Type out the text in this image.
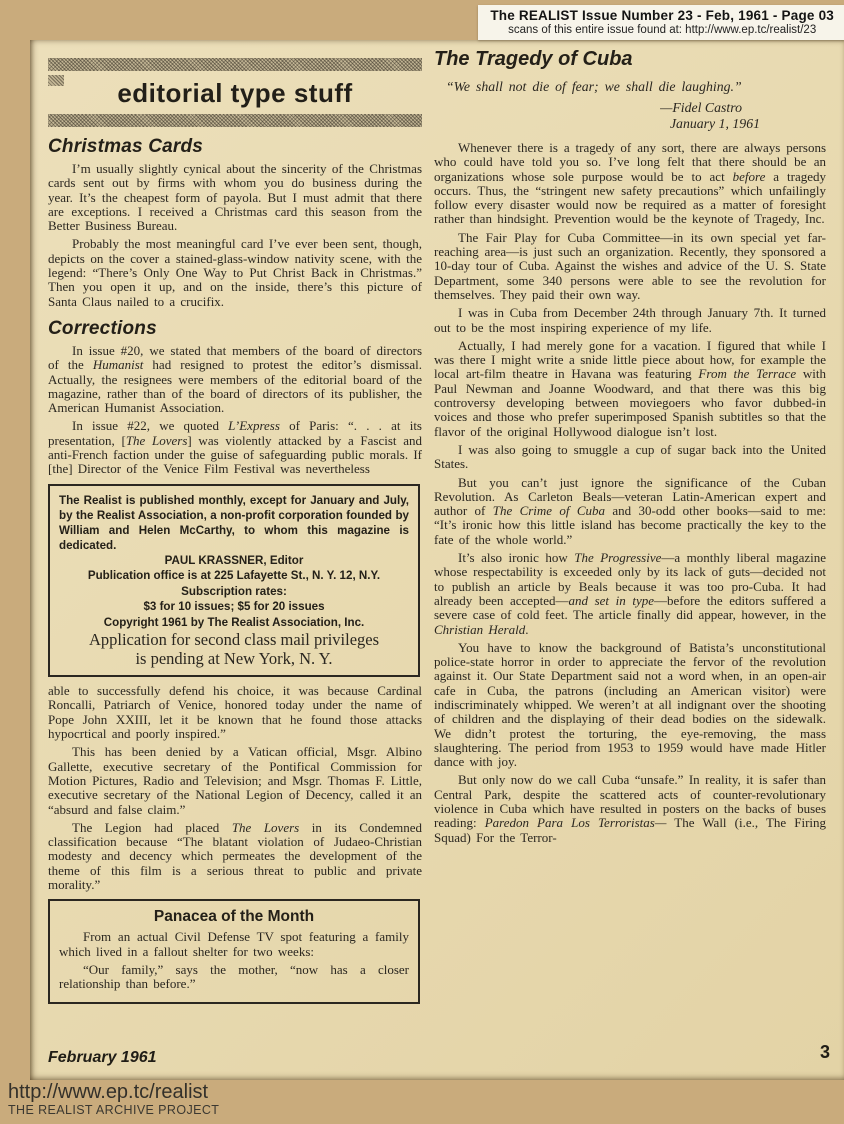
The REALIST Issue Number 23 - Feb, 1961 - Page 03
scans of this entire issue found at: http://www.ep.tc/realist/23
editorial type stuff
Christmas Cards

I’m usually slightly cynical about the sincerity of the Christmas cards sent out by firms with whom you do business during the year. It’s the cheapest form of payola. But I must admit that there are exceptions. I received a Christmas card this season from the Better Business Bureau.

Probably the most meaningful card I’ve ever been sent, though, depicts on the cover a stained-glass-window nativity scene, with the legend: “There’s Only One Way to Put Christ Back in Christmas.” Then you open it up, and on the inside, there’s this picture of Santa Claus nailed to a crucifix.

Corrections

In issue #20, we stated that members of the board of directors of the Humanist had resigned to protest the editor’s dismissal. Actually, the resignees were members of the editorial board of the magazine, rather than of the board of directors of its publisher, the American Humanist Association.

In issue #22, we quoted L’Express of Paris: “. . . at its presentation, [The Lovers] was violently attacked by a Fascist and anti-French faction under the guise of safeguarding public morals. If [the] Director of the Venice Film Festival was nevertheless

The Realist is published monthly, except for January and July, by the Realist Association, a non-profit corporation founded by William and Helen McCarthy, to whom this magazine is dedicated.

PAUL KRASSNER, Editor

Publication office is at 225 Lafayette St., N. Y. 12, N.Y.

Subscription rates:

$3 for 10 issues; $5 for 20 issues

Copyright 1961 by The Realist Association, Inc.

Application for second class mail privileges

is pending at New York, N. Y.

able to successfully defend his choice, it was because Cardinal Roncalli, Patriarch of Venice, honored today under the name of Pope John XXIII, let it be known that he found those attacks hypocrtical and poorly inspired.”

This has been denied by a Vatican official, Msgr. Albino Gallette, executive secretary of the Pontifical Commission for Motion Pictures, Radio and Television; and Msgr. Thomas F. Little, executive secretary of the National Legion of Decency, called it an “absurd and false claim.”

The Legion had placed The Lovers in its Condemned classification because “The blatant violation of Judaeo-Christian modesty and decency which permeates the development of the theme of this film is a serious threat to public and private morality.”

Panacea of the Month

From an actual Civil Defense TV spot featuring a family which lived in a fallout shelter for two weeks:

“Our family,” says the mother, “now has a closer relationship than before.”

The Tragedy of Cuba

“We shall not die of fear; we shall die laughing.”

—Fidel Castro

January 1, 1961

Whenever there is a tragedy of any sort, there are always persons who could have told you so. I’ve long felt that there should be an organizations whose sole purpose would be to act before a tragedy occurs. Thus, the “stringent new safety precautions” which unfailingly follow every disaster would now be required as a matter of foresight rather than hindsight. Prevention would be the keynote of Tragedy, Inc.

The Fair Play for Cuba Committee—in its own special yet far-reaching area—is just such an organization. Recently, they sponsored a 10-day tour of Cuba. Against the wishes and advice of the U. S. State Department, some 340 persons were able to see the revolution for themselves. They paid their own way.

I was in Cuba from December 24th through January 7th. It turned out to be the most inspiring experience of my life.

Actually, I had merely gone for a vacation. I figured that while I was there I might write a snide little piece about how, for example the local art-film theatre in Havana was featuring From the Terrace with Paul Newman and Joanne Woodward, and that there was this big controversy developing between moviegoers who favor dubbed-in voices and those who prefer superimposed Spanish subtitles so that the flavor of the original Hollywood dialogue isn’t lost.

I was also going to smuggle a cup of sugar back into the United States.

But you can’t just ignore the significance of the Cuban Revolution. As Carleton Beals—veteran Latin-American expert and author of The Crime of Cuba and 30-odd other books—said to me: “It’s ironic how this little island has become practically the key to the fate of the whole world.”

It’s also ironic how The Progressive—a monthly liberal magazine whose respectability is exceeded only by its lack of guts—decided not to publish an article by Beals because it was too pro-Cuba. It had already been accepted—and set in type—before the editors suffered a severe case of cold feet. The article finally did appear, however, in the Christian Herald.

You have to know the background of Batista’s unconstitutional police-state horror in order to appreciate the fervor of the revolution against it. Our State Department said not a word when, in an open-air cafe in Cuba, the patrons (including an American visitor) were indiscriminately whipped. We weren’t at all indignant over the shooting of children and the displaying of their dead bodies on the sidewalk. We didn’t protest the torturing, the eye-removing, the mass slaughtering. The period from 1953 to 1959 would have made Hitler dance with joy.

But only now do we call Cuba “unsafe.” In reality, it is safer than Central Park, despite the scattered acts of counter-revolutionary violence in Cuba which have resulted in posters on the backs of buses reading: Paredon Para Los Terroristas— The Wall (i.e., The Firing Squad) For the Terror-

February 1961	3
http://www.ep.tc/realist
THE REALIST ARCHIVE PROJECT
